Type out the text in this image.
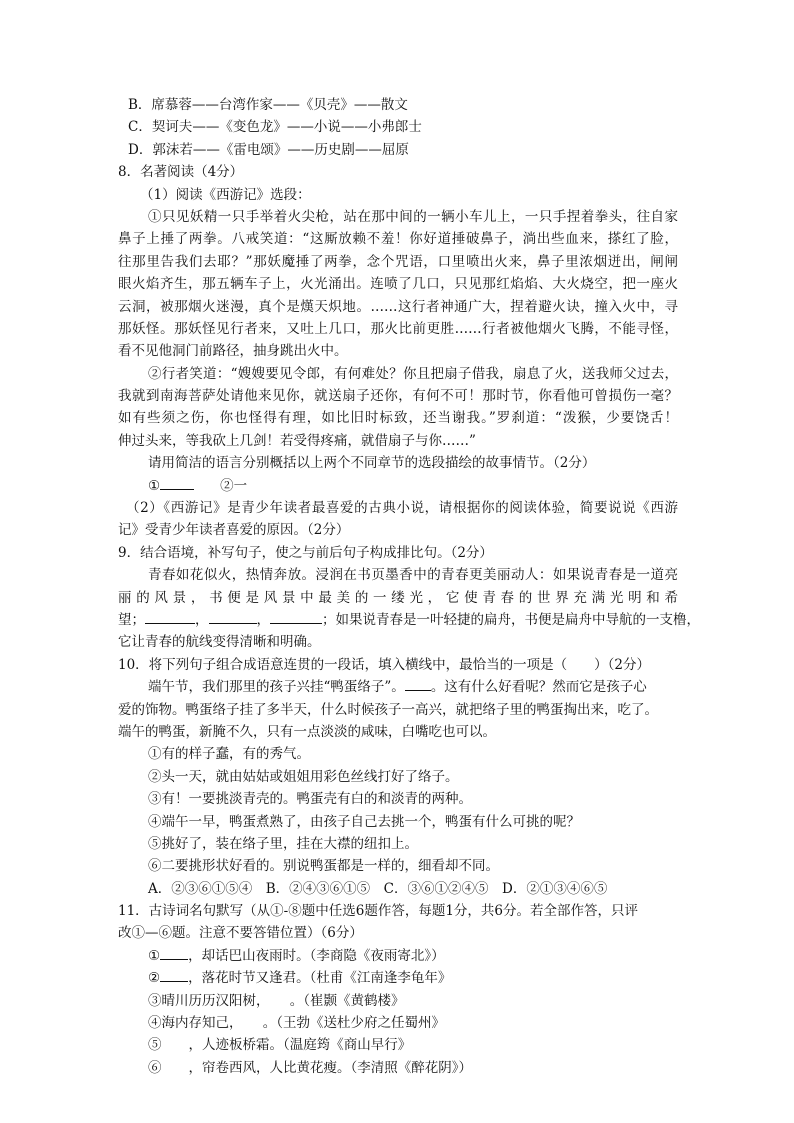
B．席慕蓉——台湾作家——《贝壳》——散文
C．契诃夫——《变色龙》——小说——小弗郎士
D．郭沫若——《雷电颂》——历史剧——屈原
8．名著阅读（4分）
（1）阅读《西游记》选段：
①只见妖精一只手举着火尖枪，站在那中间的一辆小车儿上，一只手捏着拳头，往自家
鼻子上捶了两拳。八戒笑道：“这厮放赖不羞！你好道捶破鼻子，淌出些血来，搽红了脸，
往那里告我们去耶？”那妖魔捶了两拳，念个咒语，口里喷出火来，鼻子里浓烟迸出，闸闸
眼火焰齐生，那五辆车子上，火光涌出。连喷了几口，只见那红焰焰、大火烧空，把一座火
云洞，被那烟火迷漫，真个是熯天炽地。……这行者神通广大，捏着避火诀，撞入火中，寻
那妖怪。那妖怪见行者来，又吐上几口，那火比前更胜……行者被他烟火飞腾，不能寻怪，
看不见他洞门前路径，抽身跳出火中。
②行者笑道：“嫂嫂要见令郎，有何难处？你且把扇子借我，扇息了火，送我师父过去，
我就到南海菩萨处请他来见你，就送扇子还你，有何不可！那时节，你看他可曾损伤一毫？
如有些须之伤，你也怪得有理，如比旧时标致，还当谢我。”罗刹道：“泼猴，少要饶舌！
伸过头来，等我砍上几剑！若受得疼痛，就借扇子与你……”
请用简洁的语言分别概括以上两个不同章节的选段描绘的故事情节。（2分）
①	②一
（2）《西游记》是青少年读者最喜爱的古典小说，请根据你的阅读体验，简要说说《西游
记》受青少年读者喜爱的原因。（2分）
9．结合语境，补写句子，使之与前后句子构成排比句。（2分）
青春如花似火，热情奔放。浸润在书页墨香中的青春更美丽动人：如果说青春是一道亮
丽的风景，书便是风景中最美的一缕光，它使青春的世界充满光明和希
望；	，	，	；如果说青春是一叶轻捷的扁舟，书便是扁舟中导航的一支橹，
它让青春的航线变得清晰和明确。
10．将下列句子组合成语意连贯的一段话，填入横线中，最恰当的一项是（　　）（2分）
端午节，我们那里的孩子兴挂“鸭蛋络子”。 。这有什么好看呢？然而它是孩子心
爱的饰物。鸭蛋络子挂了多半天，什么时候孩子一高兴，就把络子里的鸭蛋掏出来，吃了。
端午的鸭蛋，新腌不久，只有一点淡淡的咸味，白嘴吃也可以。
①有的样子蠢，有的秀气。
②头一天，就由姑姑或姐姐用彩色丝线打好了络子。
③有！一要挑淡青壳的。鸭蛋壳有白的和淡青的两种。
④端午一早，鸭蛋煮熟了，由孩子自己去挑一个，鸭蛋有什么可挑的呢？
⑤挑好了，装在络子里，挂在大襟的纽扣上。
⑥二要挑形状好看的。别说鸭蛋都是一样的，细看却不同。
A．②③⑥①⑤④　B．②④③⑥①⑤　C．③⑥①②④⑤　D．②①③④⑥⑤
11．古诗词名句默写（从①-⑧题中任选6题作答，每题1分，共6分。若全部作答，只评
改①—⑥题。注意不要答错位置）（6分）
① ，却话巴山夜雨时。（李商隐《夜雨寄北》）
② ，落花时节又逢君。（杜甫《江南逢李龟年》
③晴川历历汉阳树，　　。（崔颢《黄鹤楼》
④海内存知己，　　。（王勃《送杜少府之任蜀州》
⑤　　，人迹板桥霜。（温庭筠《商山早行》
⑥　　，帘卷西风，人比黄花瘦。（李清照《醉花阴》）
